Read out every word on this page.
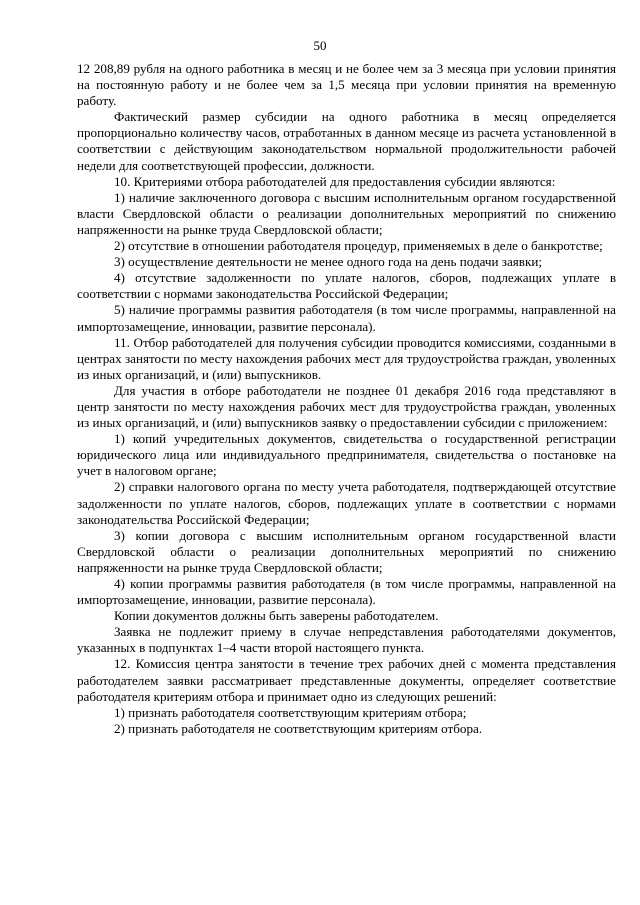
50

12 208,89 рубля на одного работника в месяц и не более чем за 3 месяца при условии принятия на постоянную работу и не более чем за 1,5 месяца при условии принятия на временную работу.

Фактический размер субсидии на одного работника в месяц определяется пропорционально количеству часов, отработанных в данном месяце из расчета установленной в соответствии с действующим законодательством нормальной продолжительности рабочей недели для соответствующей профессии, должности.

10. Критериями отбора работодателей для предоставления субсидии являются:

1) наличие заключенного договора с высшим исполнительным органом государственной власти Свердловской области о реализации дополнительных мероприятий по снижению напряженности на рынке труда Свердловской области;

2) отсутствие в отношении работодателя процедур, применяемых в деле о банкротстве;

3) осуществление деятельности не менее одного года на день подачи заявки;

4) отсутствие задолженности по уплате налогов, сборов, подлежащих уплате в соответствии с нормами законодательства Российской Федерации;

5) наличие программы развития работодателя (в том числе программы, направленной на импортозамещение, инновации, развитие персонала).

11. Отбор работодателей для получения субсидии проводится комиссиями, созданными в центрах занятости по месту нахождения рабочих мест для трудоустройства граждан, уволенных из иных организаций, и (или) выпускников.

Для участия в отборе работодатели не позднее 01 декабря 2016 года представляют в центр занятости по месту нахождения рабочих мест для трудоустройства граждан, уволенных из иных организаций, и (или) выпускников заявку о предоставлении субсидии с приложением:

1) копий учредительных документов, свидетельства о государственной регистрации юридического лица или индивидуального предпринимателя, свидетельства о постановке на учет в налоговом органе;

2) справки налогового органа по месту учета работодателя, подтверждающей отсутствие задолженности по уплате налогов, сборов, подлежащих уплате в соответствии с нормами законодательства Российской Федерации;

3) копии договора с высшим исполнительным органом государственной власти Свердловской области о реализации дополнительных мероприятий по снижению напряженности на рынке труда Свердловской области;

4) копии программы развития работодателя (в том числе программы, направленной на импортозамещение, инновации, развитие персонала).

Копии документов должны быть заверены работодателем.

Заявка не подлежит приему в случае непредставления работодателями документов, указанных в подпунктах 1–4 части второй настоящего пункта.

12. Комиссия центра занятости в течение трех рабочих дней с момента представления работодателем заявки рассматривает представленные документы, определяет соответствие работодателя критериям отбора и принимает одно из следующих решений:

1) признать работодателя соответствующим критериям отбора;

2) признать работодателя не соответствующим критериям отбора.
